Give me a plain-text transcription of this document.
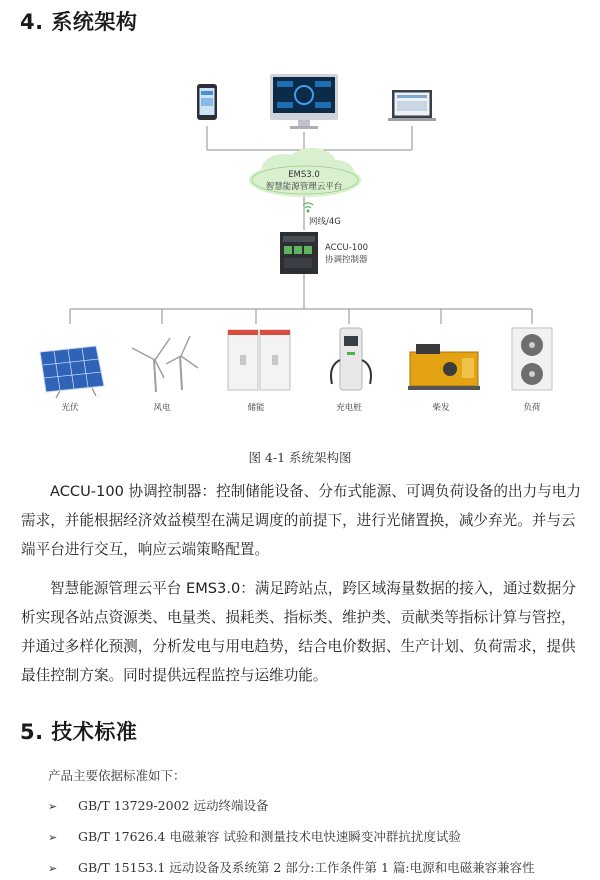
4. 系统架构
EMS3.0
智慧能源管理云平台
网线/4G
ACCU-100
协调控制器
光伏	风电	储能	充电桩	柴发	负荷
图 4-1 系统架构图
ACCU-100 协调控制器：控制储能设备、分布式能源、可调负荷设备的出力与电力需求，并能根据经济效益模型在满足调度的前提下，进行光储置换，减少弃光。并与云端平台进行交互，响应云端策略配置。
智慧能源管理云平台 EMS3.0：满足跨站点，跨区域海量数据的接入，通过数据分析实现各站点资源类、电量类、损耗类、指标类、维护类、贡献类等指标计算与管控，并通过多样化预测，分析发电与用电趋势，结合电价数据、生产计划、负荷需求，提供最佳控制方案。同时提供远程监控与运维功能。
5. 技术标准
产品主要依据标准如下：
➢ GB/T 13729-2002 远动终端设备
➢ GB/T 17626.4 电磁兼容 试验和测量技术电快速瞬变冲群抗扰度试验
➢ GB/T 15153.1 远动设备及系统第 2 部分:工作条件第 1 篇:电源和电磁兼容兼容性
